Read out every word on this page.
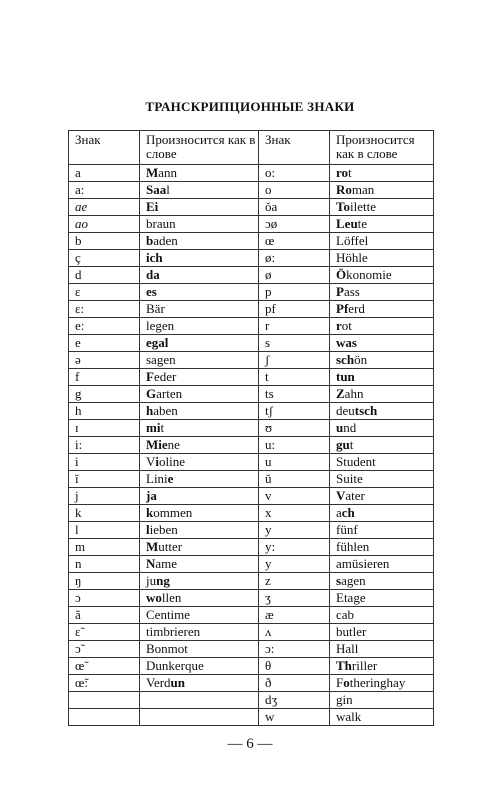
ТРАНСКРИПЦИОННЫЕ ЗНАКИ
Знак	Произносится как в слове	Знак	Произносится как в слове
a	Mann	o:	rot
a:	Saal	o	Roman
ae	Ei	ŏa	Toilette
ao	braun	ɔø	Leute
b	baden	œ	Löffel
ç	ich	ø:	Höhle
d	da	ø	Ökonomie
ε	es	p	Pass
ε:	Bär	pf	Pferd
e:	legen	r	rot
e	egal	s	was
ə	sagen	ʃ	schön
f	Feder	t	tun
g	Garten	ts	Zahn
h	haben	tʃ	deutsch
ɪ	mit	ʊ	und
i:	Miene	u:	gut
i	Violine	u	Student
ĭ	Linie	ŭ	Suite
j	ja	v	Vater
k	kommen	x	ach
l	lieben	y	fünf
m	Mutter	y:	fühlen
n	Name	y	amüsieren
ŋ	jung	z	sagen
ɔ	wollen	ʒ	Etage
ã	Centime	æ	cab
ε̃	timbrieren	ʌ	butler
ɔ̃	Bonmot	ɔ:	Hall
œ̃	Dunkerque	θ	Thriller
œ̃:	Verdun	ð	Fotheringhay
		dʒ	gin
		w	walk
— 6 —
